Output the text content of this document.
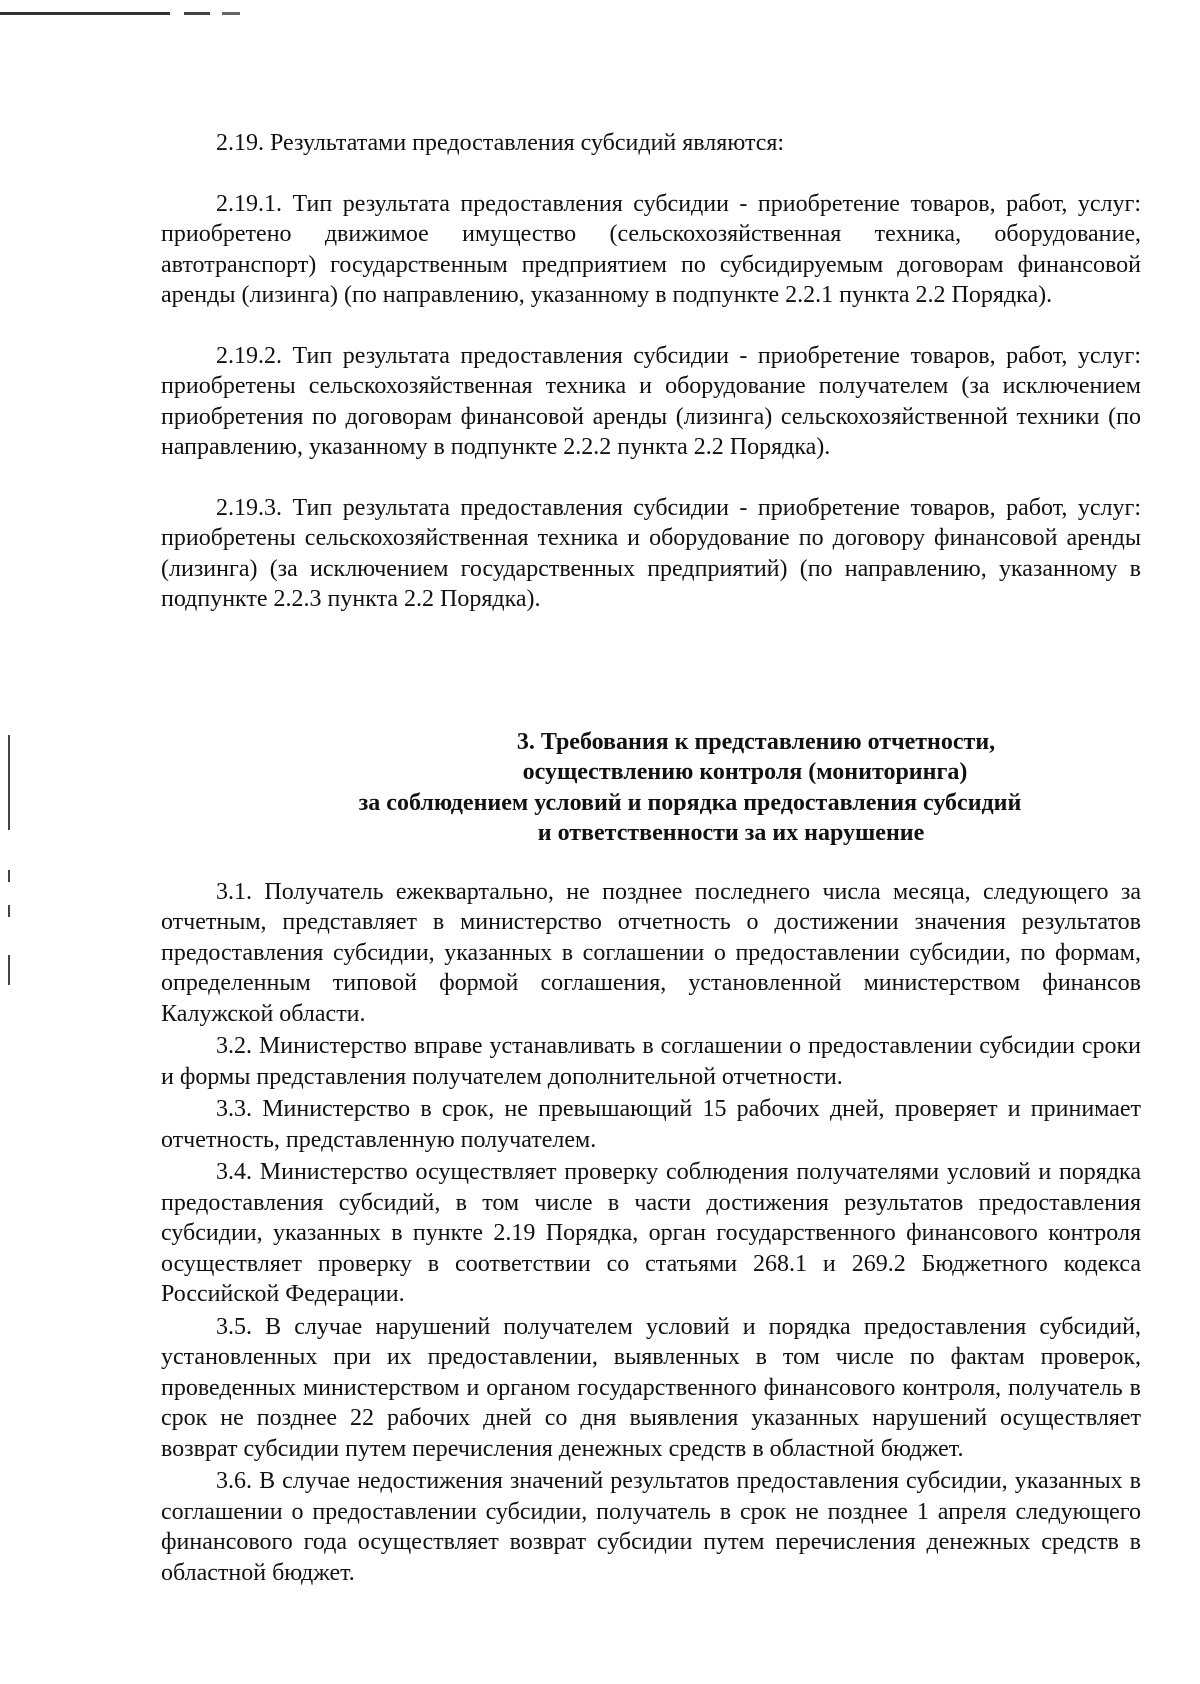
2.19. Результатами предоставления субсидий являются:

2.19.1. Тип результата предоставления субсидии - приобретение товаров, работ, услуг: приобретено движимое имущество (сельскохозяйственная техника, оборудование, автотранспорт) государственным предприятием по субсидируемым договорам финансовой аренды (лизинга) (по направлению, указанному в подпункте 2.2.1 пункта 2.2 Порядка).

2.19.2. Тип результата предоставления субсидии - приобретение товаров, работ, услуг: приобретены сельскохозяйственная техника и оборудование получателем (за исключением приобретения по договорам финансовой аренды (лизинга) сельскохозяйственной техники (по направлению, указанному в подпункте 2.2.2 пункта 2.2 Порядка).

2.19.3. Тип результата предоставления субсидии - приобретение товаров, работ, услуг: приобретены сельскохозяйственная техника и оборудование по договору финансовой аренды (лизинга) (за исключением государственных предприятий) (по направлению, указанному в подпункте 2.2.3 пункта 2.2 Порядка).

3. Требования к представлению отчетности,
осуществлению контроля (мониторинга)
за соблюдением условий и порядка предоставления субсидий
и ответственности за их нарушение

3.1. Получатель ежеквартально, не позднее последнего числа месяца, следующего за отчетным, представляет в министерство отчетность о достижении значения результатов предоставления субсидии, указанных в соглашении о предоставлении субсидии, по формам, определенным типовой формой соглашения, установленной министерством финансов Калужской области.

3.2. Министерство вправе устанавливать в соглашении о предоставлении субсидии сроки и формы представления получателем дополнительной отчетности.

3.3. Министерство в срок, не превышающий 15 рабочих дней, проверяет и принимает отчетность, представленную получателем.

3.4. Министерство осуществляет проверку соблюдения получателями условий и порядка предоставления субсидий, в том числе в части достижения результатов предоставления субсидии, указанных в пункте 2.19 Порядка, орган государственного финансового контроля осуществляет проверку в соответствии со статьями 268.1 и 269.2 Бюджетного кодекса Российской Федерации.

3.5. В случае нарушений получателем условий и порядка предоставления субсидий, установленных при их предоставлении, выявленных в том числе по фактам проверок, проведенных министерством и органом государственного финансового контроля, получатель в срок не позднее 22 рабочих дней со дня выявления указанных нарушений осуществляет возврат субсидии путем перечисления денежных средств в областной бюджет.

3.6. В случае недостижения значений результатов предоставления субсидии, указанных в соглашении о предоставлении субсидии, получатель в срок не позднее 1 апреля следующего финансового года осуществляет возврат субсидии путем перечисления денежных средств в областной бюджет.
